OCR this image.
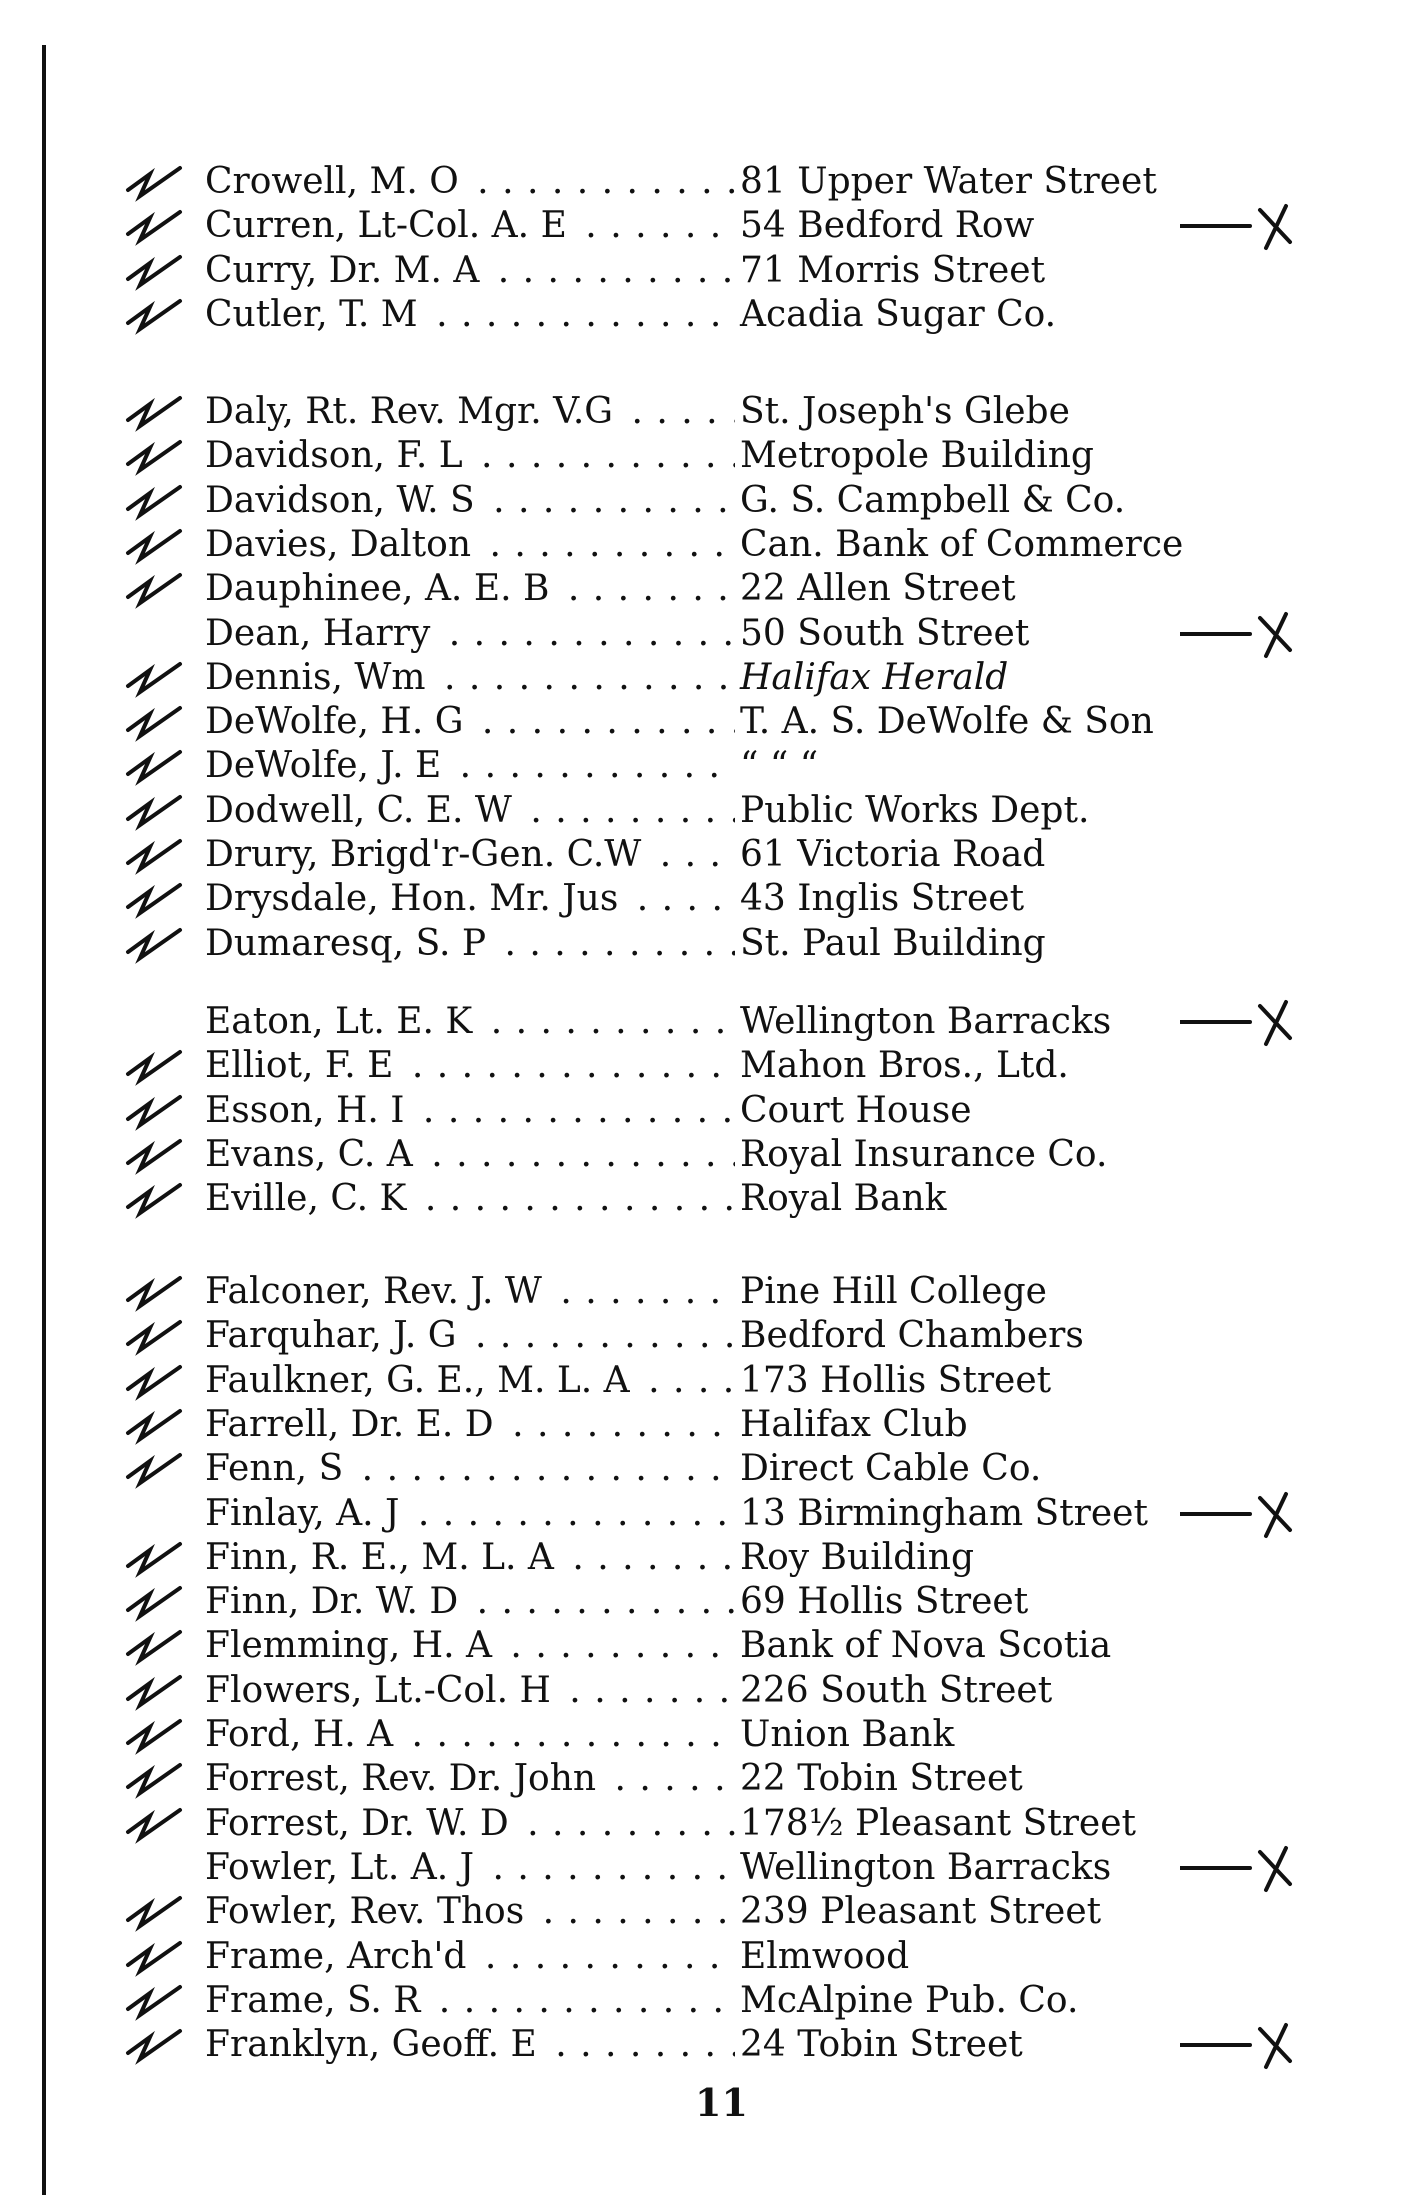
Crowell, M. O . . .	81 Upper Water Street
Curren, Lt-Col. A. E . . .	54 Bedford Row
Curry, Dr. M. A . . .	71 Morris Street
Cutler, T. M . . .	Acadia Sugar Co.
Daly, Rt. Rev. Mgr. V.G . . .	St. Joseph's Glebe
Davidson, F. L . . .	Metropole Building
Davidson, W. S . . .	G. S. Campbell & Co.
Davies, Dalton . . .	Can. Bank of Commerce
Dauphinee, A. E. B . . .	22 Allen Street
Dean, Harry . . .	50 South Street
Dennis, Wm . . .	Halifax Herald
DeWolfe, H. G . . .	T. A. S. DeWolfe & Son
DeWolfe, J. E . . .	“ “ “
Dodwell, C. E. W . . .	Public Works Dept.
Drury, Brigd'r-Gen. C.W . . .	61 Victoria Road
Drysdale, Hon. Mr. Jus . . .	43 Inglis Street
Dumaresq, S. P . . .	St. Paul Building
Eaton, Lt. E. K . . .	Wellington Barracks
Elliot, F. E . . .	Mahon Bros., Ltd.
Esson, H. I . . .	Court House
Evans, C. A . . .	Royal Insurance Co.
Eville, C. K . . .	Royal Bank
Falconer, Rev. J. W . . .	Pine Hill College
Farquhar, J. G . . .	Bedford Chambers
Faulkner, G. E., M. L. A . . .	173 Hollis Street
Farrell, Dr. E. D . . .	Halifax Club
Fenn, S . . .	Direct Cable Co.
Finlay, A. J . . .	13 Birmingham Street
Finn, R. E., M. L. A . . .	Roy Building
Finn, Dr. W. D . . .	69 Hollis Street
Flemming, H. A . . .	Bank of Nova Scotia
Flowers, Lt.-Col. H . . .	226 South Street
Ford, H. A . . .	Union Bank
Forrest, Rev. Dr. John . . .	22 Tobin Street
Forrest, Dr. W. D . . .	178½ Pleasant Street
Fowler, Lt. A. J . . .	Wellington Barracks
Fowler, Rev. Thos . . .	239 Pleasant Street
Frame, Arch'd . . .	Elmwood
Frame, S. R . . .	McAlpine Pub. Co.
Franklyn, Geoff. E . . .	24 Tobin Street
11
